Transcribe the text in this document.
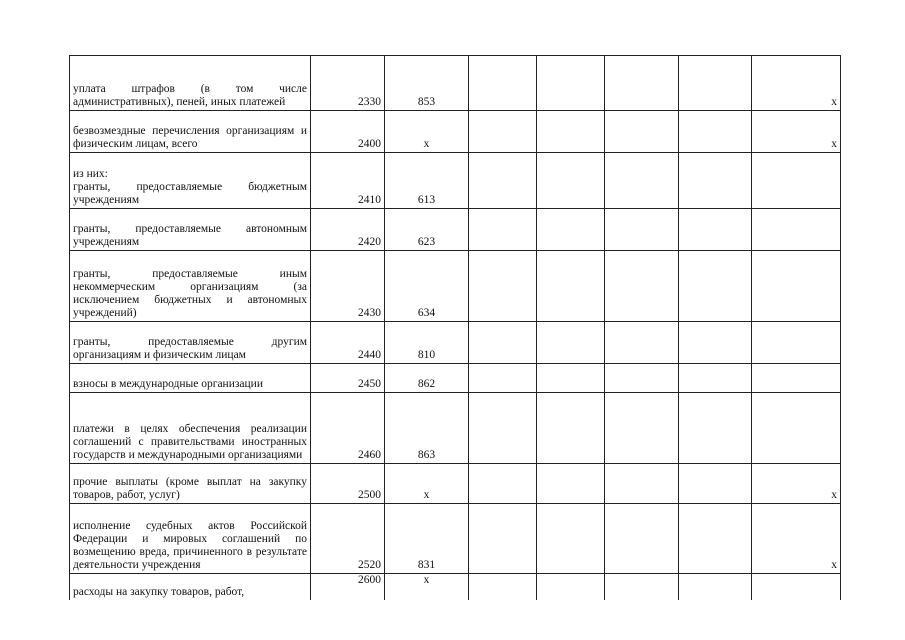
уплата штрафов (в том числе административных), пеней, иных платежей	2330	853					x
безвозмездные перечисления организациям и физическим лицам, всего	2400	x					x

из них:
гранты, предоставляемые бюджетным учреждениям	2410	613					
гранты, предоставляемые автономным учреждениям	2420	623					
гранты, предоставляемые иным некоммерческим организациям (за исключением бюджетных и автономных учреждений)	2430	634					
гранты, предоставляемые другим организациям и физическим лицам	2440	810					
взносы в международные организации	2450	862					
платежи в целях обеспечения реализации соглашений с правительствами иностранных государств и международными организациями	2460	863					
прочие выплаты (кроме выплат на закупку товаров, работ, услуг)	2500	x					x
исполнение судебных актов Российской Федерации и мировых соглашений по возмещению вреда, причиненного в результате деятельности учреждения	2520	831					x
расходы на закупку товаров, работ,	2600	x					
